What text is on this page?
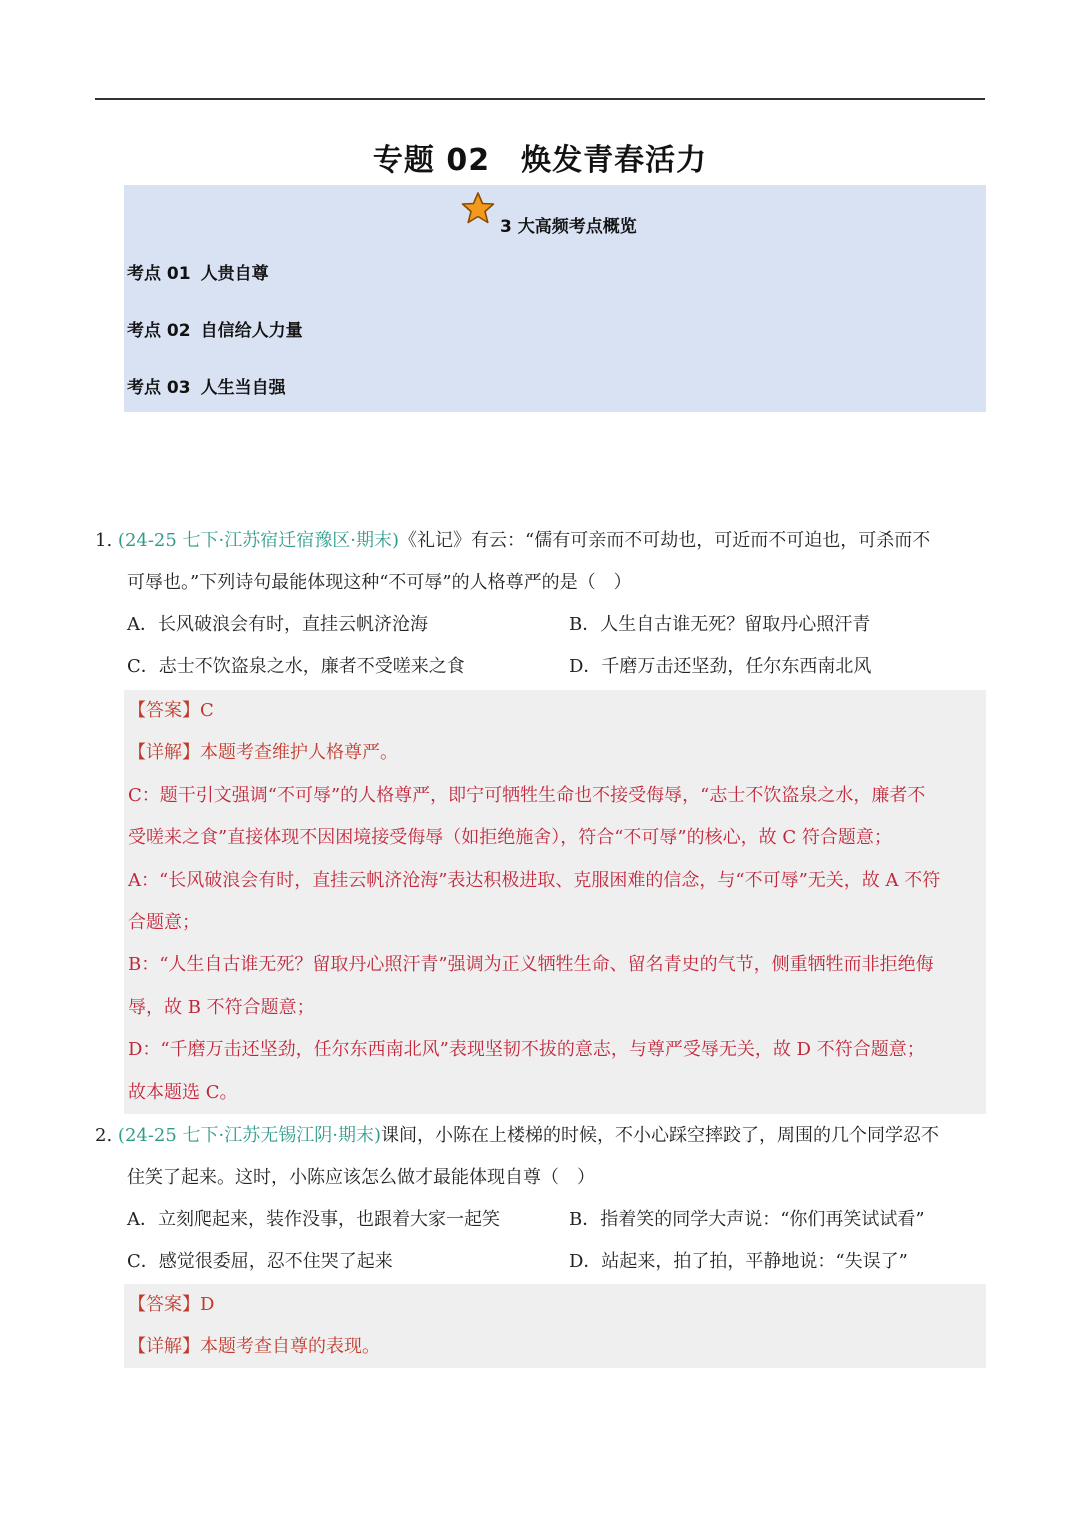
专题 02　焕发青春活力
3 大高频考点概览
考点 01 人贵自尊
考点 02 自信给人力量
考点 03 人生当自强
1. (24-25 七下·江苏宿迁宿豫区·期末)《礼记》有云：“儒有可亲而不可劫也，可近而不可迫也，可杀而不
可辱也。”下列诗句最能体现这种“不可辱”的人格尊严的是（　）
A．长风破浪会有时，直挂云帆济沧海	B．人生自古谁无死？留取丹心照汗青
C．志士不饮盗泉之水，廉者不受嗟来之食	D．千磨万击还坚劲，任尔东西南北风
【答案】C
【详解】本题考查维护人格尊严。
C：题干引文强调“不可辱”的人格尊严，即宁可牺牲生命也不接受侮辱，“志士不饮盗泉之水，廉者不
受嗟来之食”直接体现不因困境接受侮辱（如拒绝施舍），符合“不可辱”的核心，故 C 符合题意；
A：“长风破浪会有时，直挂云帆济沧海”表达积极进取、克服困难的信念，与“不可辱”无关，故 A 不符
合题意；
B：“人生自古谁无死？留取丹心照汗青”强调为正义牺牲生命、留名青史的气节，侧重牺牲而非拒绝侮
辱，故 B 不符合题意；
D：“千磨万击还坚劲，任尔东西南北风”表现坚韧不拔的意志，与尊严受辱无关，故 D 不符合题意；
故本题选 C。
2. (24-25 七下·江苏无锡江阴·期末)课间，小陈在上楼梯的时候，不小心踩空摔跤了，周围的几个同学忍不
住笑了起来。这时，小陈应该怎么做才最能体现自尊（　）
A．立刻爬起来，装作没事，也跟着大家一起笑	B．指着笑的同学大声说：“你们再笑试试看”
C．感觉很委屈，忍不住哭了起来	D．站起来，拍了拍，平静地说：“失误了”
【答案】D
【详解】本题考查自尊的表现。
